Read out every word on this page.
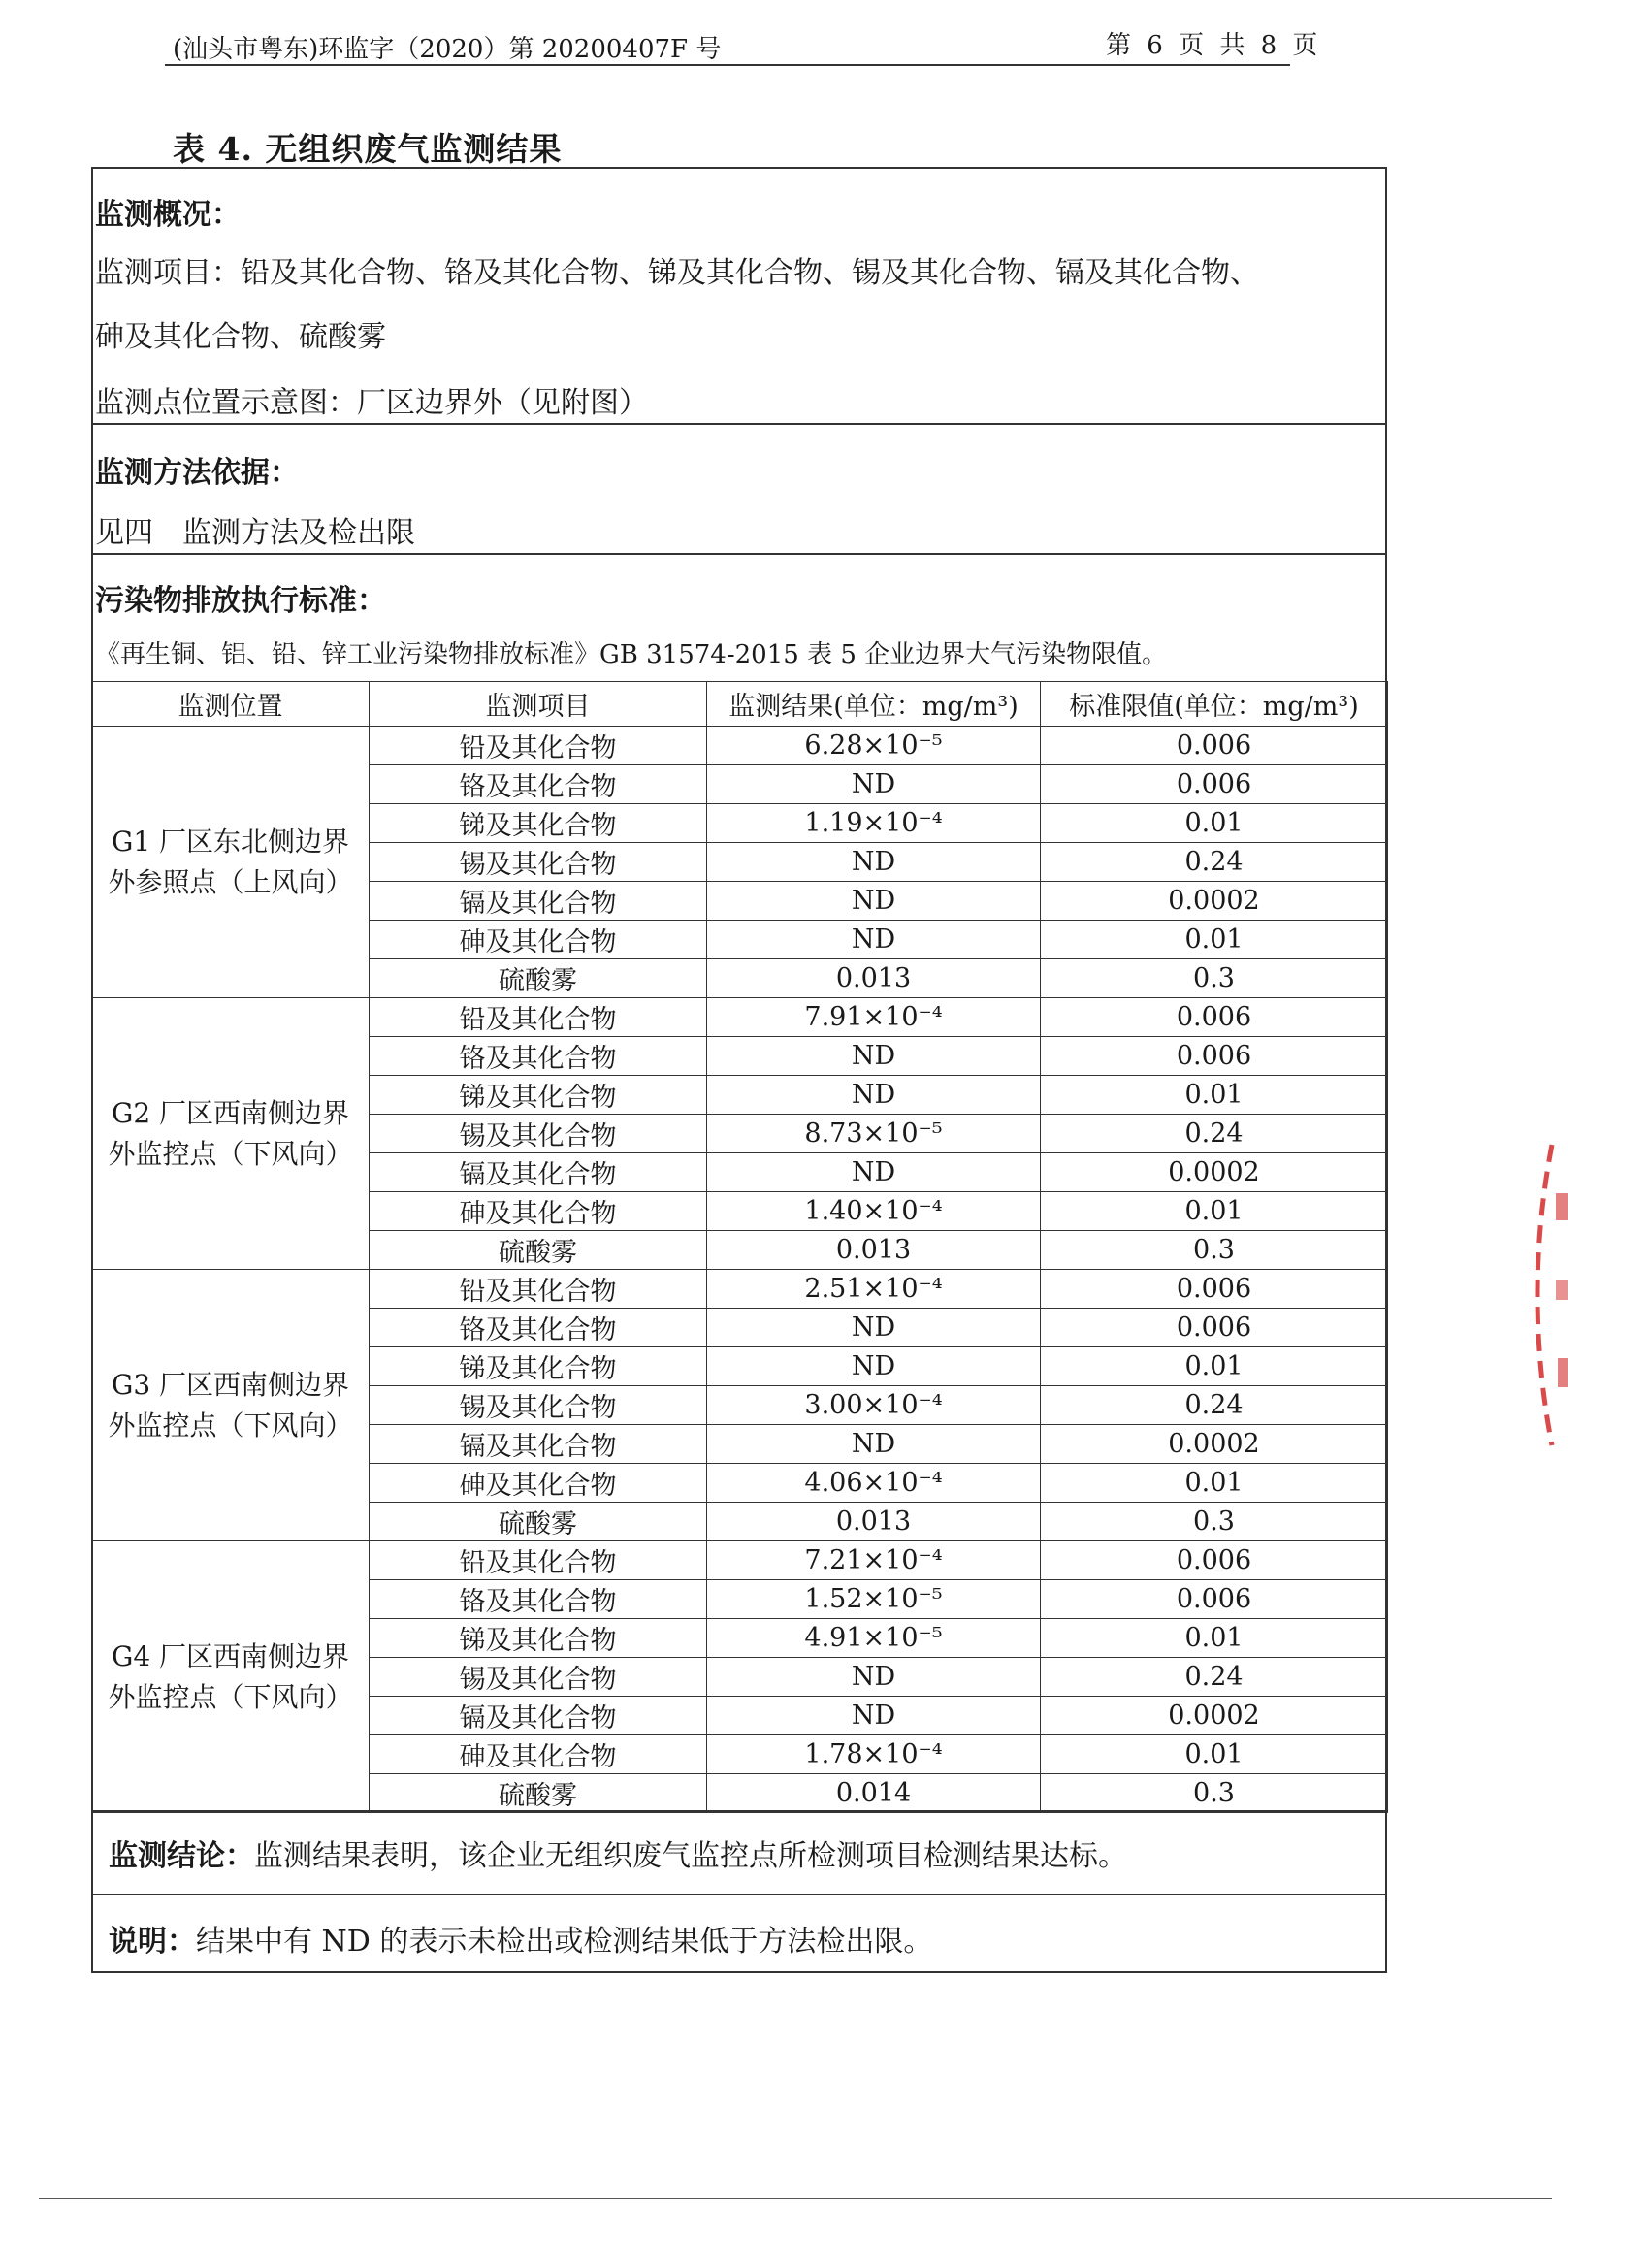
(汕头市粤东)环监字（2020）第 20200407F 号	第 6 页 共 8 页
表 4. 无组织废气监测结果
监测概况：
监测项目：铅及其化合物、铬及其化合物、锑及其化合物、锡及其化合物、镉及其化合物、
砷及其化合物、硫酸雾
监测点位置示意图：厂区边界外（见附图）
监测方法依据：
见四　监测方法及检出限
污染物排放执行标准：
《再生铜、铝、铅、锌工业污染物排放标准》GB 31574-2015 表 5 企业边界大气污染物限值。
监测位置	监测项目	监测结果(单位：mg/m³)	标准限值(单位：mg/m³)

G1 厂区东北侧边界
外参照点（上风向）	铅及其化合物	6.28×10⁻⁵	0.006
	铬及其化合物	ND	0.006
	锑及其化合物	1.19×10⁻⁴	0.01
	锡及其化合物	ND	0.24
	镉及其化合物	ND	0.0002
	砷及其化合物	ND	0.01
	硫酸雾	0.013	0.3

G2 厂区西南侧边界
外监控点（下风向）	铅及其化合物	7.91×10⁻⁴	0.006
	铬及其化合物	ND	0.006
	锑及其化合物	ND	0.01
	锡及其化合物	8.73×10⁻⁵	0.24
	镉及其化合物	ND	0.0002
	砷及其化合物	1.40×10⁻⁴	0.01
	硫酸雾	0.013	0.3

G3 厂区西南侧边界
外监控点（下风向）	铅及其化合物	2.51×10⁻⁴	0.006
	铬及其化合物	ND	0.006
	锑及其化合物	ND	0.01
	锡及其化合物	3.00×10⁻⁴	0.24
	镉及其化合物	ND	0.0002
	砷及其化合物	4.06×10⁻⁴	0.01
	硫酸雾	0.013	0.3

G4 厂区西南侧边界
外监控点（下风向）	铅及其化合物	7.21×10⁻⁴	0.006
	铬及其化合物	1.52×10⁻⁵	0.006
	锑及其化合物	4.91×10⁻⁵	0.01
	锡及其化合物	ND	0.24
	镉及其化合物	ND	0.0002
	砷及其化合物	1.78×10⁻⁴	0.01
	硫酸雾	0.014	0.3
监测结论：监测结果表明，该企业无组织废气监控点所检测项目检测结果达标。
说明：结果中有 ND 的表示未检出或检测结果低于方法检出限。
